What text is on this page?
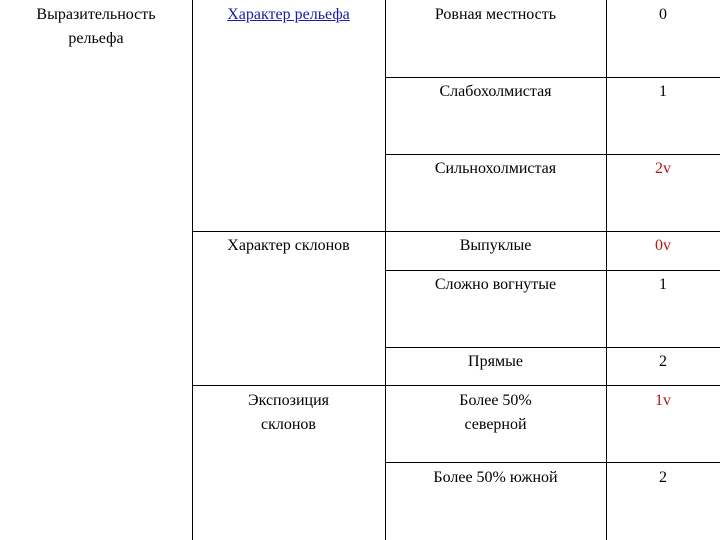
Выразительность
рельефа
Характер рельефа
Характер склонов
Экспозиция
склонов
Ровная местность
Слабохолмистая
Сильнохолмистая
Выпуклые
Сложно вогнутые
Прямые
Более 50%
северной
Более 50% южной
0
1
2v
0v
1
2
1v
2
